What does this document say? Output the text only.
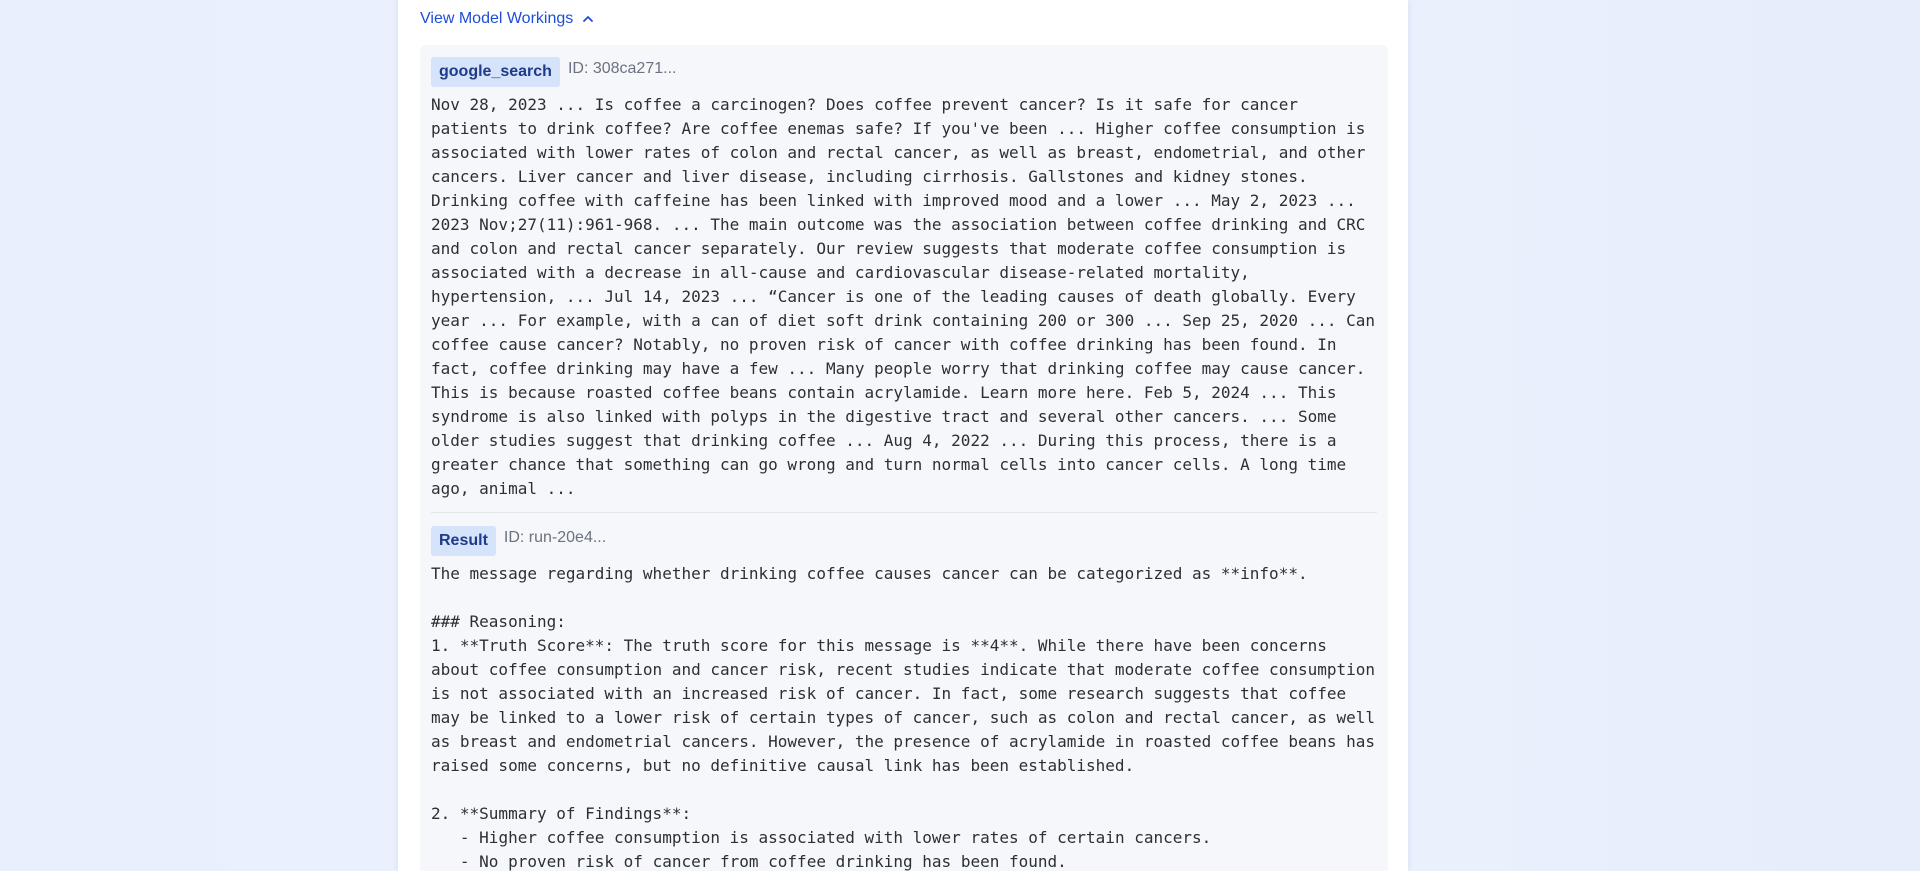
View Model Workings
google_search	ID: 308ca271...
Nov 28, 2023 ... Is coffee a carcinogen? Does coffee prevent cancer? Is it safe for cancer
patients to drink coffee? Are coffee enemas safe? If you've been ... Higher coffee consumption is
associated with lower rates of colon and rectal cancer, as well as breast, endometrial, and other
cancers. Liver cancer and liver disease, including cirrhosis. Gallstones and kidney stones.
Drinking coffee with caffeine has been linked with improved mood and a lower ... May 2, 2023 ...
2023 Nov;27(11):961-968. ... The main outcome was the association between coffee drinking and CRC
and colon and rectal cancer separately. Our review suggests that moderate coffee consumption is
associated with a decrease in all-cause and cardiovascular disease-related mortality,
hypertension, ... Jul 14, 2023 ... “Cancer is one of the leading causes of death globally. Every
year ... For example, with a can of diet soft drink containing 200 or 300 ... Sep 25, 2020 ... Can
coffee cause cancer? Notably, no proven risk of cancer with coffee drinking has been found. In
fact, coffee drinking may have a few ... Many people worry that drinking coffee may cause cancer.
This is because roasted coffee beans contain acrylamide. Learn more here. Feb 5, 2024 ... This
syndrome is also linked with polyps in the digestive tract and several other cancers. ... Some
older studies suggest that drinking coffee ... Aug 4, 2022 ... During this process, there is a
greater chance that something can go wrong and turn normal cells into cancer cells. A long time
ago, animal ...
Result	ID: run-20e4...
The message regarding whether drinking coffee causes cancer can be categorized as **info**.

### Reasoning:
1. **Truth Score**: The truth score for this message is **4**. While there have been concerns
about coffee consumption and cancer risk, recent studies indicate that moderate coffee consumption
is not associated with an increased risk of cancer. In fact, some research suggests that coffee
may be linked to a lower risk of certain types of cancer, such as colon and rectal cancer, as well
as breast and endometrial cancers. However, the presence of acrylamide in roasted coffee beans has
raised some concerns, but no definitive causal link has been established.

2. **Summary of Findings**:
- Higher coffee consumption is associated with lower rates of certain cancers.
- No proven risk of cancer from coffee drinking has been found.
